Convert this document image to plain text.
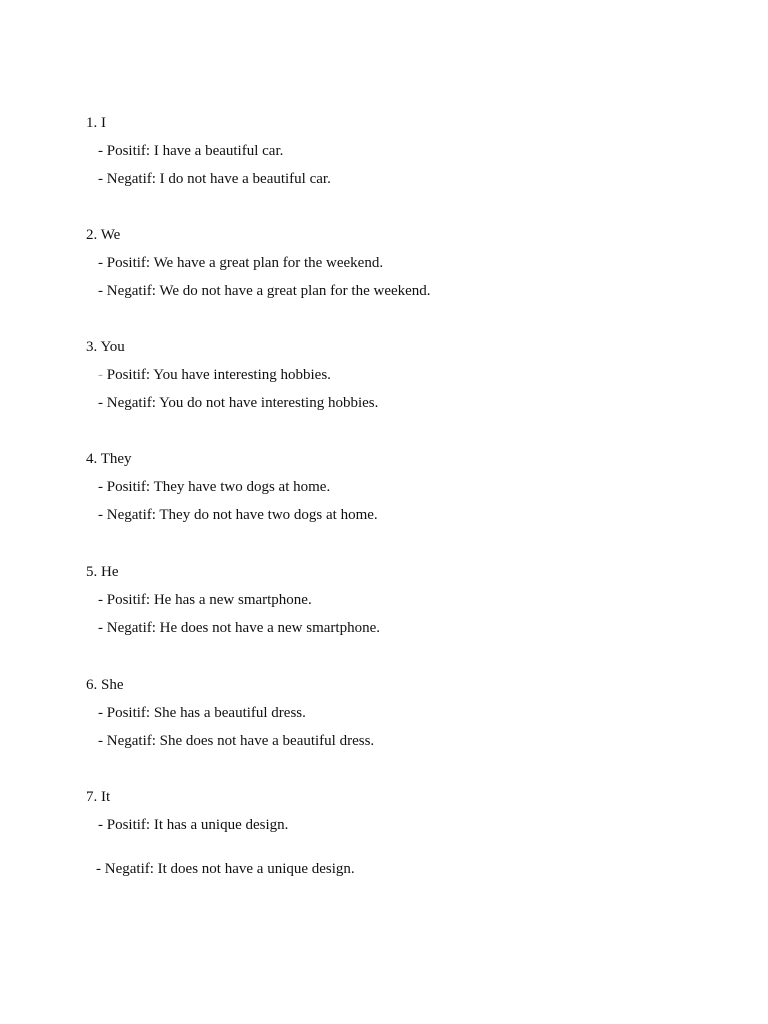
1. I
- Positif: I have a beautiful car.
- Negatif: I do not have a beautiful car.
2. We
- Positif: We have a great plan for the weekend.
- Negatif: We do not have a great plan for the weekend.
3. You
- Positif: You have interesting hobbies.
- Negatif: You do not have interesting hobbies.
4. They
- Positif: They have two dogs at home.
- Negatif: They do not have two dogs at home.
5. He
- Positif: He has a new smartphone.
- Negatif: He does not have a new smartphone.
6. She
- Positif: She has a beautiful dress.
- Negatif: She does not have a beautiful dress.
7. It
- Positif: It has a unique design.
- Negatif: It does not have a unique design.
